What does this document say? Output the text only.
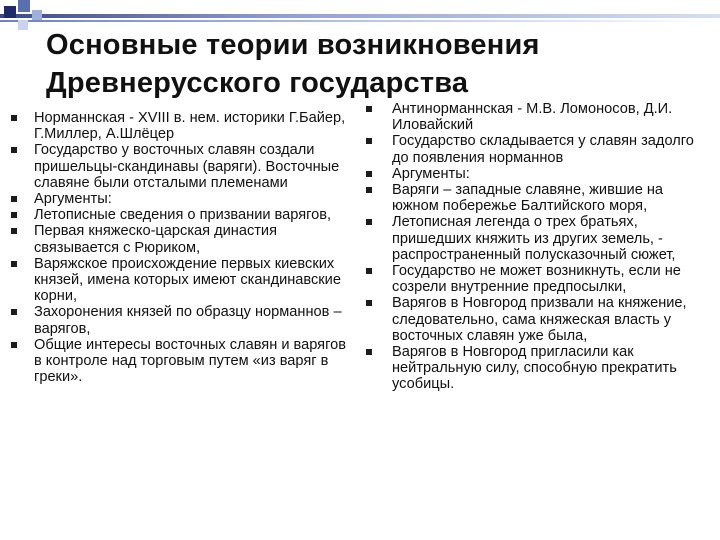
Основные теории возникновения
Древнерусского государства
Норманнская - XVIII в. нем. историки Г.Байер, Г.Миллер, А.Шлёцер
Государство у восточных славян создали пришельцы-скандинавы (варяги). Восточные славяне были отсталыми племенами
Аргументы:
Летописные сведения о призвании варягов,
Первая княжеско-царская династия связывается с Рюриком,
Варяжское происхождение первых киевских князей, имена которых имеют скандинавские корни,
Захоронения князей по образцу норманнов – варягов,
Общие интересы восточных славян и варягов в контроле над торговым путем «из варяг в греки».
Антинорманнская - М.В. Ломоносов, Д.И. Иловайский
Государство складывается у славян задолго до появления норманнов
Аргументы:
Варяги – западные славяне, жившие на южном побережье Балтийского моря,
Летописная легенда о трех братьях, пришедших княжить из других земель, - распространенный полусказочный сюжет,
Государство не может возникнуть, если не созрели внутренние предпосылки,
Варягов в Новгород призвали на княжение, следовательно, сама княжеская власть у восточных славян уже была,
Варягов в Новгород пригласили как нейтральную силу, способную прекратить усобицы.
